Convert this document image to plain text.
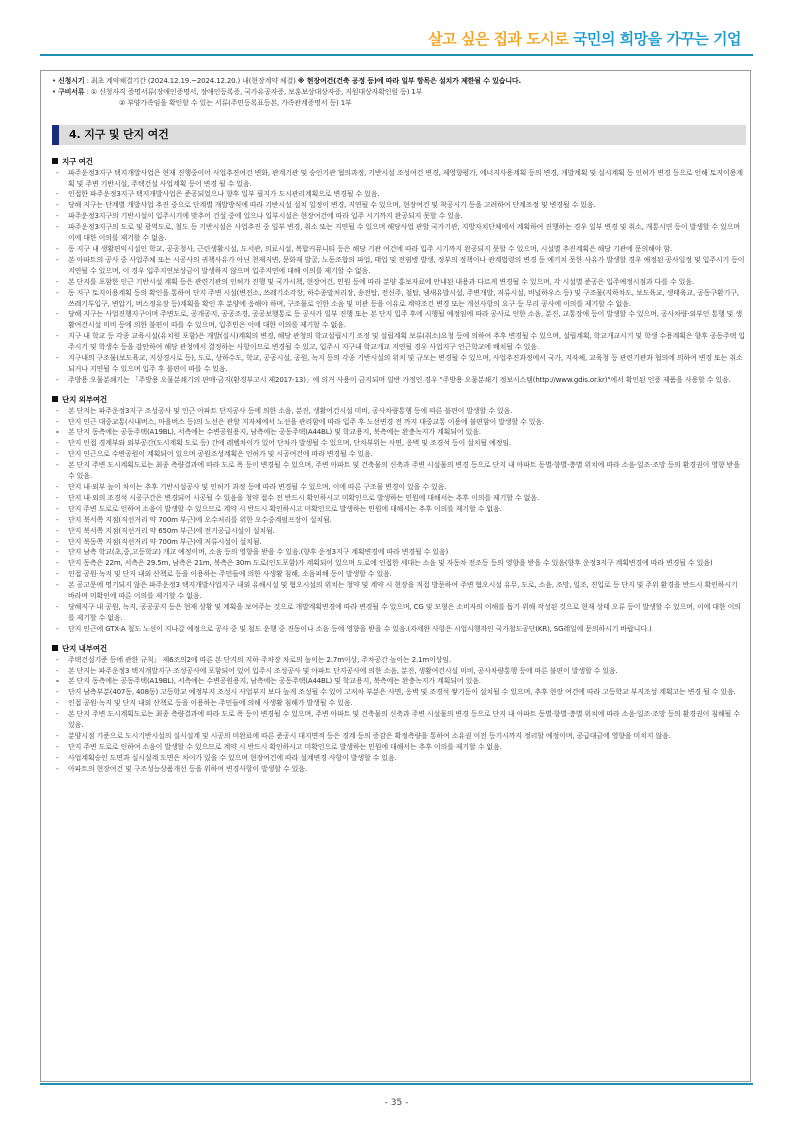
살고 싶은 집과 도시로 국민의 희망을 가꾸는 기업
• 신청시기 : 최초 계약체결기간 (2024.12.19.~2024.12.20.) 내(현장계약 체결) ※ 현장여건(건축 공정 등)에 따라 일부 항목은 설치가 제한될 수 있습니다.
• 구비서류 : ① 신청자격 증명서류(장애인증명서, 장애인등록증, 국가유공자증, 보훈보상대상자증, 지원대상자확인원 등) 1부
② 부양가족임을 확인할 수 있는 서류(주민등록표등본, 가족관계증명서 등) 1부
4. 지구 및 단지 여건
지구 여건
- 파주운정3지구 택지개발사업은 현재 진행중이어 사업추진여건 변화, 관계기관 및 승인기관 협의과정, 기반시설 조성여건 변경, 제영향평가, 에너지사용계획 등의 변경, 개발계획 및 실시계획 등 인허가 변경 등으로 인해 토지이용계획 및 주변 기반시설, 주택건설 사업계획 등이 변경 될 수 있음.
- 인접한 파주운정3지구 택지개발사업은 준공되었으나 향후 일부 필지가 도시관리계획으로 변경될 수 있음.
- 당해 지구는 단계별 개발사업 추진 중으로 단계별 개발방식에 따라 기반시설 설치 일정이 변경, 지연될 수 있으며, 현장여건 및 착공시기 등을 고려하여 단계조정 및 변경될 수 있음.
- 파주운정3지구의 기반시설이 입주시기에 맞추어 건설 중에 있으나 일부시설은 현장여건에 따라 입주 시기까지 완공되지 못할 수 있음.
- 파주운정3지구의 도로 및 광역도로, 철도 등 기반시설은 사업추진 중 일부 변경, 취소 또는 지연될 수 있으며 해당사업 관할 국가기관, 지방자치단체에서 계획하여 진행하는 경우 일부 변경 및 취소, 개통시연 등이 발생할 수 있으며 이에 대한 이의를 제기할 수 없음.
- 동 지구 내 생활편익시설인 학교, 공공청사, 근린생활시설, 도서관, 의료시설, 복합커뮤니티 등은 해당 기관 여건에 따라 입주 시기까지 완공되지 못할 수 있으며, 시설별 추진계획은 해당 기관에 문의해야 함.
- 본 아파트의 공사 중 사업주체 또는 시공사의 귀책사유가 아닌 천재지변, 문화재 발굴, 노동조합의 파업, 태업 및 전염병 발생, 정부의 정책이나 관계법령의 변경 등 예기치 못한 사유가 발생할 경우 예정된 공사일정 및 입주시기 등이 지연될 수 있으며, 이 경우 입주지연보상금이 발생하지 않으며 입주지연에 대해 이의를 제기할 수 없음.
- 본 단지를 포함한 인근 기반시설 계획 등은 관련기관의 인허가 진행 및 국가시책, 현장여건, 민원 등에 따라 분양 홍보자료에 안내된 내용과 다르게 변경될 수 있으며, 각 시설별 준공은 입주예정시점과 다를 수 있음.
- 동 지구 토지이용계획 등의 확인을 통하여 단지 주변 시설(변전소, 쓰레기소각장, 하수종말처리장, 송전탑, 전신주, 철탑, 냄새유발시설, 주변개발, 저류시설, 비닐하우스 등) 및 구조물(지하차도, 보도육교, 생태육교, 공동구환기구, 쓰레기투입구, 변압기, 버스정유장 등)계획을 확인 후 분양에 응해야 하며, 구조물로 인한 소음 및 미관 등을 이유로 계약조건 변경 또는 개선사항의 요구 등 무리 공사에 이의를 제기할 수 없음.
- 당해 지구는 사업진행지구이며 주변도로, 공개공지, 공공조경, 공공보행통로 등 공사가 일부 진행 또는 본 단지 입주 후에 시행될 예정임에 따라 공사로 인한 소음, 분진, 교통장애 등이 발생할 수 있으며, 공사차량·외부인 통행 및 생활여건시설 미비 등에 의한 불편이 따를 수 있으며, 입주민은 이에 대한 이의를 제기할 수 없음.
- 지구 내 학교 등 각종 교육시설(유치원 포함)은 개발(실시)계획의 변경, 해당 관청의 학교설립시기 조정 및 설립계획 보류(취소)요청 등에 의하여 추후 변경될 수 있으며, 설립계획, 학교개교시기 및 학생 수용계획은 향후 공동주택 입주시기 및 학생수 등을 감안하여 해당 관청에서 결정하는 사항이므로 변경될 수 있고, 입주시 지구내 학교개교 지연될 경우 사업지구 인근학교에 배치될 수 있음.
- 지구내의 구조물(보도육교, 지상경시로 등), 도로, 상하수도, 학교, 공공시설, 공원, 녹지 등의 각종 기반시설의 위치 및 규모는 변경될 수 있으며, 사업추진과정에서 국가, 지자체, 교육청 등 관련기관과 협의에 의하여 변경 또는 취소되거나 지연될 수 있으며 입주 후 불편이 따를 수 있음.
- 주방용 오물분쇄기는 「주방용 오물분쇄기의 판매·금지(환경부고시 제2017-13)」에 의거 사용이 금지되며 일반 가정인 경우 "주방용 오물분쇄기 정보시스템(http://www.gdis.or.kr)"에서 확인된 인증 제품을 사용할 수 있음.
단지 외부여건
- 본 단지는 파주운정3지구 조성공사 및 인근 아파트 단지공사 등에 의한 소음, 분진, 생활여건시설 미비, 공사차량통행 등에 따른 불편이 발생할 수 있음.
- 단지 인근 대중교통(시내버스, 마을버스 등)의 노선은 관할 지자체에서 노선을 관리함에 따라 입주 후 노선변경 전 까지 대중교통 이용에 불편함이 발생할 수 있음.
- 본 단지 동측에는 공동주택(A19BL), 서측에는 수변공원용지, 남측에는 공동주택(A44BL) 및 학교용지, 북측에는 완충녹지가 계획되어 있음.
- 단지 인접 경계부와 외부공간(도시계획 도로 등) 간에 레벨차이가 있어 단차가 발생될 수 있으며, 단차부위는 사면, 옹벽 및 조경석 등이 설치될 예정임.
- 단지 인근으로 수변공원이 계획되어 있으며 공원조성계획은 인허가 및 시공여건에 따라 변경될 수 있음.
- 본 단지 주변 도시계획도로는 최종 측량결과에 따라 도로 폭 등이 변경될 수 있으며, 주변 아파트 및 건축물의 신축과 주변 시설물의 변경 등으로 단지 내 아파트 동별·향별·층별 위치에 따라 소음·일조·조망 등의 환경권이 영향 받을 수 있음.
- 단지 내·외부 높이 차이는 추후 기반시설공사 및 인허가 과정 등에 따라 변경될 수 있으며, 이에 따른 구조물 변경이 있을 수 있음.
- 단지 내·외의 조경석 시공구간은 변경되어 시공될 수 있음을 청약 접수 전 반드시 확인하시고 미확인으로 발생하는 민원에 대해서는 추후 이의를 제기할 수 없음.
- 단지 주변 도로로 인하여 소음이 발생할 수 있으므로 계약 시 반드시 확인하시고 미확인으로 발생하는 민원에 대해서는 추후 이의를 제기할 수 없음.
- 단지 북서쪽 지점(직선거리 약 700m 부근)에 오수처리를 위한 오수중계펌프장이 설치됨.
- 단지 북서쪽 지점(직선거리 약 650m 부근)에 전기공급시설이 설치됨.
- 단지 북동쪽 지점(직선거리 약 700m 부근)에 저류시설이 설치됨.
- 단지 남측 학교(초,중,고등학교) 개교 예정이며, 소음 등의 영향을 받을 수 있음.(향후 운정3지구 계획변경에 따라 변경될 수 있음)
- 단지 동측은 22m, 서측은 29.5m, 남측은 21m, 북측은 30m 도로(인도포함)가 계획되어 있으며 도로에 인접한 세대는 소음 및 자동차 전조등 등의 영향을 받을 수 있음(향후 운정3지구 계획변경에 따라 변경될 수 있음)
- 인접 공원·녹지 및 단지 내외 산책로 등을 이용하는 주민들에 의한 사생활 침해, 소음피해 등이 발생할 수 있음.
- 본 공고문에 명기되지 않은 파주운정3 택지개발사업지구 내외 유해시설 및 혐오시설의 위치는 청약 및 계약 시 현장을 직접 방문하여 주변 혐오시설 유무, 도로, 소음, 조망, 일조, 진입로 등 단지 및 주위 환경을 반드시 확인하시기 바라며 미확인에 따른 이의를 제기할 수 없음.
- 당해지구 내 공원, 녹지, 공공공지 등은 현재 상황 및 계획을 보여주는 것으로 개발계획변경에 따라 변경될 수 있으며, CG 및 모형은 소비자의 이해를 돕기 위해 작성된 것으로 현재 상태 오류 등이 발생할 수 있으며, 이에 대한 이의를 제기할 수 없음.
- 단지 인근에 GTX-A 철도 노선이 지나갈 예정으로 공사 중 및 철도 운행 중 진동이나 소음 등에 영향을 받을 수 있음.(자세한 사항은 시업시행자인 국가철도공단(KR), SG레일에 문의하시기 바랍니다.)
단지 내부여건
- 주택건설기준 등에 관한 규칙」 제6조의2에 따른 본 단지의 지하 주차장 차로의 높이는 2.7m이상, 주차공간 높이는 2.1m이상임.
- 본 단지는 파주운정3 택지개발지구 조성공사에 포함되어 있어 입주시 조성공사 및 아파트 단지공사에 의한 소음, 분진, 생활여건시설 미비, 공사차량통행 등에 따른 불편이 발생할 수 있음.
- 본 단지 동측에는 공동주택(A19BL), 서측에는 수변공원용지, 남측에는 공동주택(A44BL) 및 학교용지, 북측에는 완충녹지가 계획되어 있음.
- 단지 남측부분(407동, 408동) 고등학교 예정부지 조성시 사업부지 보다 높게 조성될 수 있어 고저차 부분은 사면, 옹벽 및 조경석 쌓기등이 설치될 수 있으며, 추후 현장 여건에 따라 고등학교 부지조성 계획고는 변경 될 수 있음.
- 인접 공원·녹지 및 단지 내외 산책로 등을 이용하는 주민들에 의해 사생활 침해가 발생될 수 있음.
- 본 단지 주변 도시계획도로는 최종 측량결과에 따라 도로 폭 등이 변경될 수 있으며, 주변 아파트 및 건축물의 신축과 주변 시설물의 변경 등으로 단지 내 아파트 동별·향별·층별 위치에 따라 소음·일조·조망 등의 환경권이 침해될 수 있음.
- 분양시점 기준으로 도시기반시설의 실시설계 및 시공의 미완료에 따른 준공시 대지면적 등은 경계 등의 증감은 확정측량을 통하여 소유권 이전 등기시까지 정리할 예정이며, 공급대금에 영향을 미치지 않음.
- 단지 주변 도로로 인하여 소음이 발생할 수 있으므로 계약 시 반드시 확인하시고 미확인으로 발생하는 민원에 대해서는 추후 이의를 제기할 수 없음.
- 사업계획승인 도면과 실시설계 도면은 차이가 있을 수 있으며 현장여건에 따라 설계변경 사항이 발생할 수 있음.
- 아파트의 현장여건 및 구조성능상품개선 등을 위하여 변경사항이 발생할 수 있음.
- 35 -
